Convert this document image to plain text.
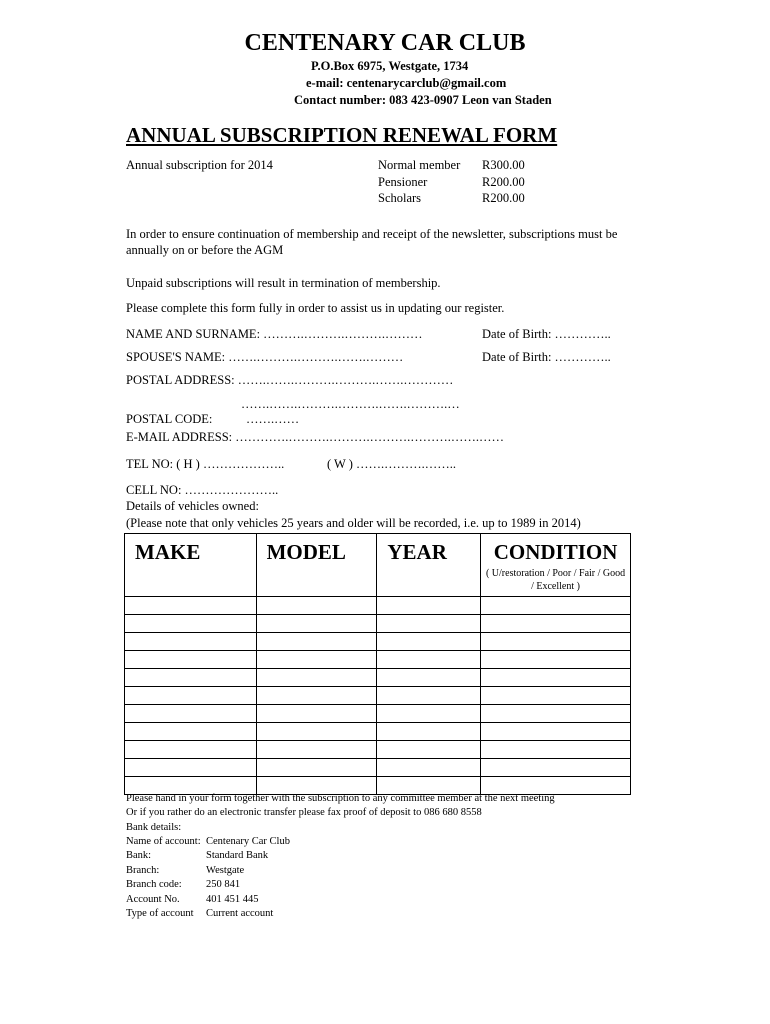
CENTENARY CAR CLUB
P.O.Box 6975, Westgate, 1734
e-mail: centenarycarclub@gmail.com
Contact number: 083 423-0907 Leon van Staden
ANNUAL SUBSCRIPTION RENEWAL FORM
Annual subscription for 2014	Normal member R300.00
Pensioner	R200.00
Scholars	R200.00
In order to ensure continuation of membership and receipt of the newsletter, subscriptions must be annually on or before the AGM
Unpaid subscriptions will result in termination of membership.
Please complete this form fully in order to assist us in updating our register.
NAME AND SURNAME: ……….……….……….………	Date of Birth: …………..
SPOUSE'S NAME: …….……….……….…….………	Date of Birth: …………..
POSTAL ADDRESS: …….…….……….……….…….…………
…….…….……….……….…….……….…
POSTAL CODE:	…….……
E-MAIL ADDRESS: ………….……….……….……….……….…….……
TEL NO: ( H ) ………………..	( W ) …….……….……..
CELL NO: …………………..
Details of vehicles owned:
(Please note that only vehicles 25 years and older will be recorded, i.e. up to 1989 in 2014)
MAKE	MODEL	YEAR	CONDITION
( U/restoration / Poor / Fair / Good / Excellent )

Please hand in your form together with the subscription to any committee member at the next meeting
Or if you rather do an electronic transfer please fax proof of deposit to 086 680 8558
Bank details:
Name of account: Centenary Car Club
Bank:	Standard Bank
Branch:	Westgate
Branch code: 250 841
Account No.	401 451 445
Type of account Current account
